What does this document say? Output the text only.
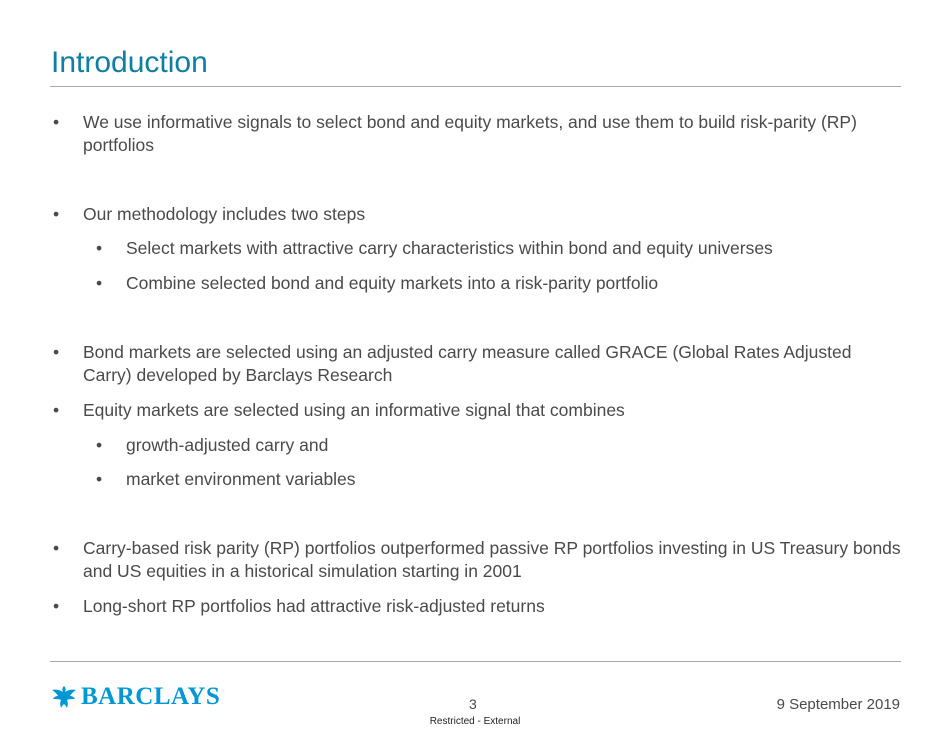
Introduction
• We use informative signals to select bond and equity markets, and use them to build risk-parity (RP) portfolios
• Our methodology includes two steps
• Select markets with attractive carry characteristics within bond and equity universes
• Combine selected bond and equity markets into a risk-parity portfolio
• Bond markets are selected using an adjusted carry measure called GRACE (Global Rates Adjusted Carry) developed by Barclays Research
• Equity markets are selected using an informative signal that combines
• growth-adjusted carry and
• market environment variables
• Carry-based risk parity (RP) portfolios outperformed passive RP portfolios investing in US Treasury bonds and US equities in a historical simulation starting in 2001
• Long-short RP portfolios had attractive risk-adjusted returns
BARCLAYS	3	9 September 2019
Restricted - External
